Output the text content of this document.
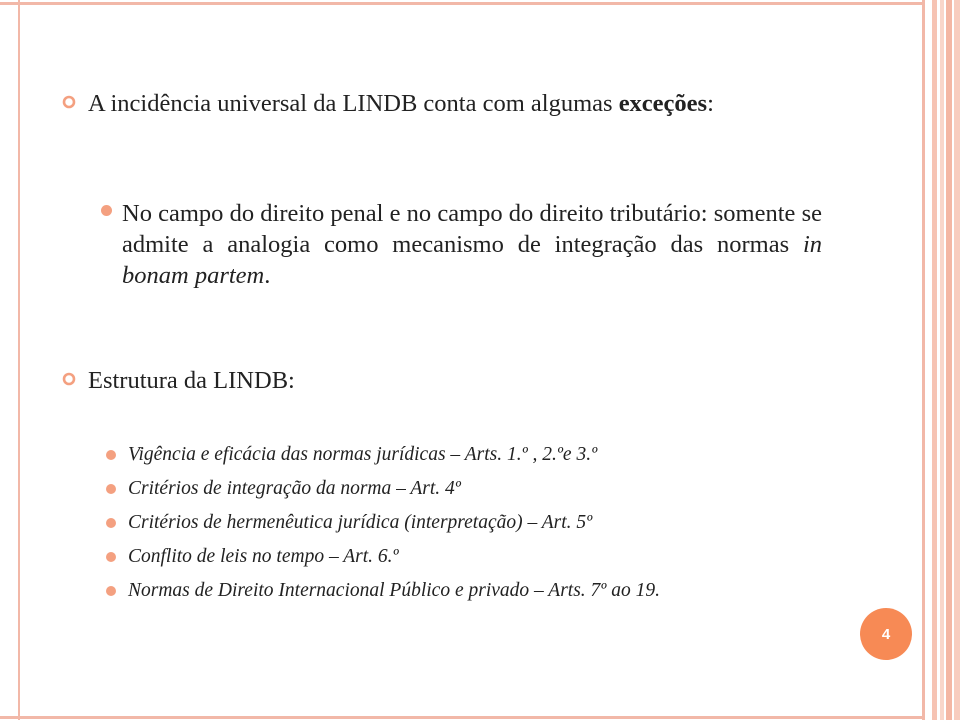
A incidência universal da LINDB conta com algumas exceções:
No campo do direito penal e no campo do direito tributário: somente se admite a analogia como mecanismo de integração das normas in bonam partem.
Estrutura da LINDB:
Vigência e eficácia das normas jurídicas – Arts. 1.º , 2.ºe 3.º
Critérios de integração da norma – Art. 4º
Critérios de hermenêutica jurídica (interpretação) – Art. 5º
Conflito de leis no tempo – Art. 6.º
Normas de Direito Internacional Público e privado – Arts. 7º ao 19.
4
